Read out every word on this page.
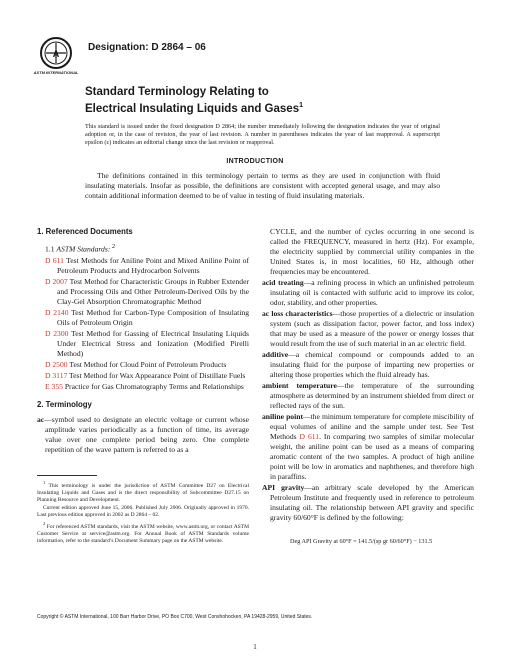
A
ASTM INTERNATIONAL
Designation: D 2864 – 06
Standard Terminology Relating to
Electrical Insulating Liquids and Gases$^1$
This standard is issued under the fixed designation D 2864; the number immediately following the designation indicates the year of original adoption or, in the case of revision, the year of last revision. A number in parentheses indicates the year of last reapproval. A superscript epsilon (ε) indicates an editorial change since the last revision or reapproval.
INTRODUCTION
The definitions contained in this terminology pertain to terms as they are used in conjunction with fluid insulating materials. Insofar as possible, the definitions are consistent with accepted general usage, and may also contain additional information deemed to be of value in testing of fluid insulating materials.
1. Referenced Documents

1.1 ASTM Standards: $^2$

D 611 Test Methods for Aniline Point and Mixed Aniline Point of Petroleum Products and Hydrocarbon Solvents

D 2007 Test Method for Characteristic Groups in Rubber Extender and Processing Oils and Other Petroleum-Derived Oils by the Clay-Gel Absorption Chromatographic Method

D 2140 Test Method for Carbon-Type Composition of Insulating Oils of Petroleum Origin

D 2300 Test Method for Gassing of Electrical Insulating Liquids Under Electrical Stress and Ionization (Modified Pirelli Method)

D 2500 Test Method for Cloud Point of Petroleum Products

D 3117 Test Method for Wax Appearance Point of Distillate Fuels

E 355 Practice for Gas Chromatography Terms and Relationships

2. Terminology

ac—symbol used to designate an electric voltage or current whose amplitude varies periodically as a function of time, its average value over one complete period being zero. One complete repetition of the wave pattern is referred to as a

CYCLE, and the number of cycles occurring in one second is called the FREQUENCY, measured in hertz (Hz). For example, the electricity supplied by commercial utility companies in the United States is, in most localities, 60 Hz, although other frequencies may be encountered.

acid treating—a refining process in which an unfinished petroleum insulating oil is contacted with sulfuric acid to improve its color, odor, stability, and other properties.

ac loss characteristics—those properties of a dielectric or insulation system (such as dissipation factor, power factor, and loss index) that may be used as a measure of the power or energy losses that would result from the use of such material in an ac electric field.

additive—a chemical compound or compounds added to an insulating fluid for the purpose of imparting new properties or altering those properties which the fluid already has.

ambient temperature—the temperature of the surrounding atmosphere as determined by an instrument shielded from direct or reflected rays of the sun.

aniline point—the minimum temperature for complete miscibility of equal volumes of aniline and the sample under test. See Test Methods D 611. In comparing two samples of similar molecular weight, the aniline point can be used as a means of comparing aromatic content of the two samples. A product of high aniline point will be low in aromatics and naphthenes, and therefore high in paraffins.

API gravity—an arbitrary scale developed by the American Petroleum Institute and frequently used in reference to petroleum insulating oil. The relationship between API gravity and specific gravity 60/60°F is defined by the following:

Deg API Gravity at 60°F = 141.5/(sp gr 60/60°F) − 131.5

$^1$ This terminology is under the jurisdiction of ASTM Committee D27 on Electrical Insulating Liquids and Gases and is the direct responsibility of Subcommittee D27.15 on Planning Resource and Development.

Current edition approved June 15, 2006. Published July 2006. Originally approved in 1970. Last previous edition approved in 2002 as D 2864 – 02.

$^2$ For referenced ASTM standards, visit the ASTM website, www.astm.org, or contact ASTM Customer Service at service@astm.org. For Annual Book of ASTM Standards volume information, refer to the standard’s Document Summary page on the ASTM website.

Copyright © ASTM International, 100 Barr Harbor Drive, PO Box C700, West Conshohocken, PA 19428-2959, United States.
1
